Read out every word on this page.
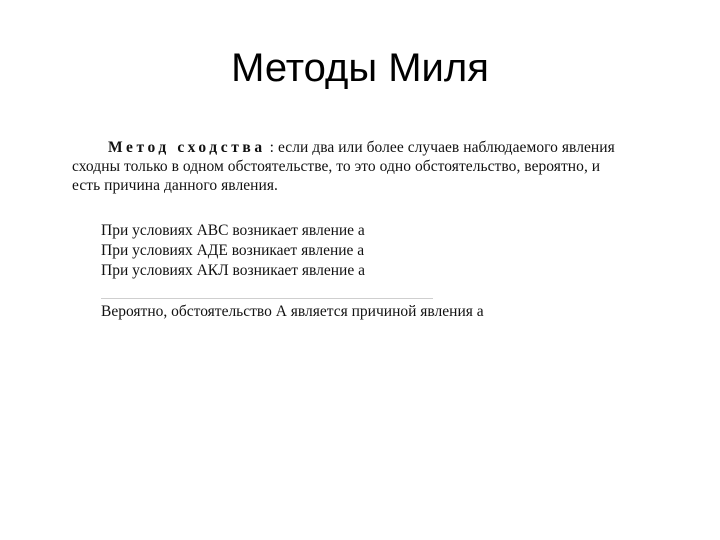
Методы Миля
Метод сходства : если два или более случаев наблюдаемого явления сходны только в одном обстоятельстве, то это одно обстоятельство, вероятно, и есть причина данного явления.
При условиях АВС возникает явление а
При условиях АДЕ возникает явление а
При условиях АКЛ возникает явление а
Вероятно, обстоятельство А является причиной явления а
